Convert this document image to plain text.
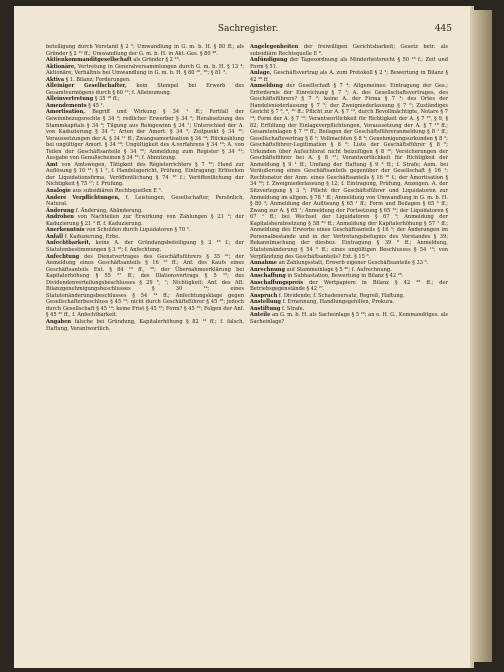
Sachregister.	445

beteiligung durch Vorstand § 2 ²; Umwandlung in G. m. b. H. § 80 ff.; als Gründer § 2 ¹⁰ ff.; Umwandlung der G. m. b. H. in Akt.-Ges. § 80 ⁴⁶.

Aktienkommanditgesellschaft als Gründer § 2 ¹⁵.

Aktionäre, Vertretung in Generalversammlungen durch G. m. b. H. § 13 ⁴; Aktionäre, Verhältnis bei Umwandlung in G. m. b. H. § 80 ¹⁸, ³⁵; § 81 ³.

Aktiva § 1. Bilanz; Forderungen.

Alleiniger Gesellschafter, kein Stempel bei Erwerb des Gesamtvermögens durch § 60 ¹²; f. Alleinumung.

Alleinvertretung § 35 ¹⁸ ff.;

Amendements § 45 ².

Amortisation, Begriff und Wirkung § 34 ¹ ff.; Fortfall der Gewinnbezugsrechte § 34 ⁹; redlicher Erwerber § 34 ⁵; Herabsetzung des Stammkapitals § 34 ⁶; Tilgung aus Reingewinn § 34 ⁷; Unterschied der A. von Kaduzierung § 34 ⁸; Arten der Amort. § 34 ⁹; Zeitpunkt § 34 ¹⁰; Voraussetzungen der A. § 34 ¹¹ ff.; Zwangsamortisation § 34 ¹⁴; Rückzahlung bei ungültiger Amort. § 34 ¹⁶; Ungültigkeit des A.verfahrens § 34 ¹⁸; A. von Teilen der Geschäftsanteile § 34 ²⁰; Anmeldung zum Register § 34 ²¹; Ausgabe von Genußscheinen § 34 ²²; f. Abnutzung.

Amt von Amtswegen, Tätigkeit des Registerrichters § 7 ¹⁸; Hand zur Auflösung § 10 ¹³; § 1 ², f. Handelsgericht, Prüfung, Eintragung; Erlöschen der Liquidationsfirma, Veröffentlichung § 74 ¹⁸ f.; Veröffentlichung der Nichtigkeit § 75 ¹⁷; f. Prüfung.

Analogie aus subsidiären Rechtsquellen E ⁵.

Andere Verpflichtungen, f. Leistungen, Gesellschafter, Persönlich, Natural.

Änderung f. Änderung, Abänderung.

Androhen von Nachteilen zur Erwirkung von Zahlungen § 21 ²; der Kaduzierung § 21 ³ ff. f. Kaduzierung.

Anerkenntnis von Schulden durch Liquidatoren § 70 ³.

Anfall f. Kaduzierung, Erbe.

Anfechtbarkeit, keine A. der Gründungsbeteiligung § 2 ¹⁸ f.; der Statutenbestimmungen § 3 ¹⁸; f. Anfechtung.

Anfechtung des Dienstvertrages des Geschäftsführers § 35 ⁴¹; der Anmeldung eines Geschäftsanteils § 16 ¹⁵ ff.; Anf. des Kaufs eines Geschäftsanteils Ext. § 84 ¹³ ff., ²⁶; der Übernahmeerklärung bei Kapitalerhöhung § 55 ²⁷ ff.; des Illationsvertrags § 5 ¹⁵; des Dividendenverteilungsbeschlusses § 29 ⁵, ⁷; Nichtigkeit; Anf. des Aft. Bilanzgenehmigungsbeschlusses § 30 ¹⁴; eines Statutenänderungsbeschlusses § 54 ¹⁴ ff.; Anfechtungsklage gegen Gesellschafterbeschluss § 45 ¹²; nicht durch Geschäftsführer § 45 ¹⁸; jedoch durch Gesellschaft § 45 ¹⁴; keine Frist § 45 ¹⁸; Form? § 45 ²²; Folgen der Anf. § 45 ²⁵ ff., f. Anfechtbarkeit.

Angaben falsche bei Gründung, Kapitalerhöhung § 82 ¹³ ff.; f. falsch, Haftung, Verantwortlich.

Angelegenheiten der freiwilligen Gerichtsbarkeit; Gesetz betr. als subsidiäre Rechtsquelle E ⁶.

Anfündigung der Tagesordnung als Minderheitsrecht § 50 ¹⁸ f.; Zeit und Form § 51.

Anlage, Geschäftsvertrag als A. zum Protokoll § 2 ²; Bewertung in Bilanz § 42 ²⁹ ff.

Anmeldung der Gesellschaft § 7 ⁴; Allgemeines: Eintragung der Ges.; Erfordernis der Einreichung § 7 ¹; A. des Gesellschaftsvertrages, des Geschäftsführers? § 7 ²; keine A. der Firma § 7 ⁴; des Ortes der Handelsniederlassung § 7 ⁵; der Zweigniederlassung § 7 ⁶; Zuständiges Gericht § 7 ⁸, ⁹, ¹⁰ ff.; Pflicht zur A. § 7 ¹³, durch Bevollmächtigte, Notare § 7 ¹⁴; Form der A. § 7 ¹⁵; Verantwortlichkeit für Richtigkeit der A. § 7 ¹⁶, § 9, § 82; Erfüllung der Einlageverpflichtungen, Voraussetzung der A. § 7 ¹⁸ ff.; Gesamteinlagen § 7 ¹⁸ ff.; Beilagen der Geschäftsführeranmeldung § 8 ¹ ff.; Gesellschaftsvertrag § 8 ²; Vollmachten § 8 ⁴; Genehmigungsurkunden § 8 ⁵; Geschäftsführer-Legitimation § 8 ⁶; Liste der Geschäftsführer § 8 ⁸; Urkunden über Aufsichtsrat nicht beizufügen § 8 ¹⁰; Versicherungen der Geschäftsführer bei A. § 8 ¹²; Verantwortlichkeit für Richtigkeit der Anmeldung § 9 ¹ ff.; Umfang der Haftung § 9 ⁴ ff.; f. Strafe; Anm. bei Veräußerung eines Geschäftsanteils gegenüber der Gesellschaft § 16 ¹; Rechtsnatur der Anm. eines Geschäftsanteils § 16 ¹⁸ f.; der Amortisation § 34 ²⁰; f. Zweigniederlassung § 12; f. Eintragung, Prüfung, Anzeigen. A. der Sitzverlegung § 3 ⁵; Pflicht der Geschäftsführer und Liquidatoren zur Anmeldung im allgem. § 78 ¹ ff.; Anmeldung von Umwandlung in G. m. b. H. § 80 ²; Anmeldung der Auflösung § 65 ¹ ff.; Form und Beilagen § 65 ⁶ ff.; Zwang zur A. § 65 ⁷; Anmeldung der Fortsetzung § 65 ¹⁰; der Liquidatoren § 67 ¹ ff.; bei Wechsel der Liquidatoren § 67 ⁵; Anmeldung der Kapitalsherabsetzung § 58 ²⁹ ff.; Anmeldung der Kapitalerhöhung § 57 ¹ ff.; Anmeldung des Erwerbs eines Geschäftsanteils § 16 ³; der Änderungen im Personalbestande und in der Vertretungsbefugnis des Vorstandes § 39; Bekanntmachung der diesbez. Eintragung § 39 ⁸ ff.; Anmeldung, Statutenänderung § 54 ⁵ ff.; eines ungültigen Beschlusses § 54 ¹³; von Verpfändung des Geschäftsanteils? Ext. § 15 ⁸.

Annahme an Zahlungsstatt, Erwerb eigener Geschäftsanteile § 33 ⁶.

Anrechnung auf Stammeinlage § 5 ²⁸; f. Aufrechnung.

Anschaffung in Subhastation, Bewertung in Bilanz § 42 ²⁸.

Anschaffungspreis der Wertpapiere in Bilanz § 42 ²⁸ ff.; der Betriebsgegenstände § 42 ²⁷.

Anspruch f. Dividende; f. Schadenersatz, Regreß, Haftung.

Anstellung f. Ernennung, Handlungsgehilfen, Prokura.

Anstiftung f. Strafe.

Anteile an G. m. b. H. als Sacheinlage § 5 ²²; an o. H. G., Kommanditges. als Sacheinlage?
